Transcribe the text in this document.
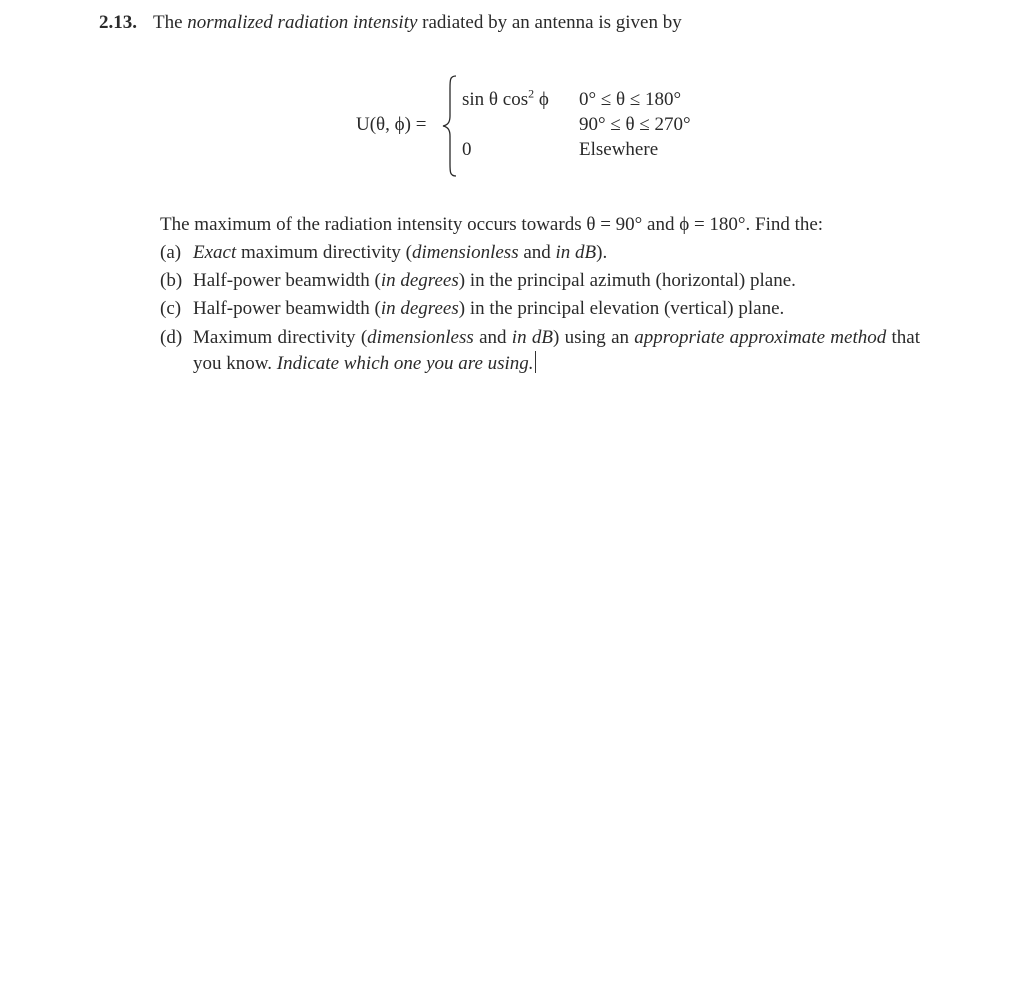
2.13. The normalized radiation intensity radiated by an antenna is given by
U(θ, ϕ) =
sin θ $\cos^2 \phi$ 0° ≤ θ ≤ 180°
90° ≤ θ ≤ 270°
0	Elsewhere

The maximum of the radiation intensity occurs towards θ = 90° and ϕ = 180°. Find the:

(a) Exact maximum directivity (dimensionless and in dB).

(b) Half-power beamwidth (in degrees) in the principal azimuth (horizontal) plane.

(c) Half-power beamwidth (in degrees) in the principal elevation (vertical) plane.

(d) Maximum directivity (dimensionless and in dB) using an appropriate approximate method that you know. Indicate which one you are using.
